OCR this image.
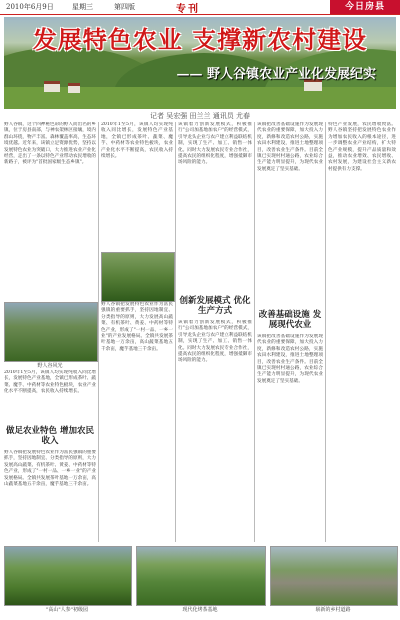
2010年6月9日	星期三	第四版	专刊	今日房县
发展特色农业 支撑新农村建设
—— 野人谷镇农业产业化发展纪实
记者 吴宏强 田兰兰 通讯员 尤春
野人谷镇，这个四神秘色彩的野人而出名的乡镇，位于房县南部，与神农架林区接壤，境内群山环绕，物产丰富。森林覆盖率高，生态环境优越。近年来，该镇立足资源优势，坚持以发展特色农业为突破口，大力推进农业产业化经营，走出了一条以特色产业带动农民增收的新路子，被评为"首批国家级生态乡镇"。
野人谷风光
2010年1至5月，该镇人均实现纯收入同比增长，发展特色产业基地，全镇已形成茶叶、蔬菜、魔芋、中药材等农业特色板块，农业产业化水平不断提高，农民收入持续增长。
做足农业特色 增加农民收入
野人谷镇把发展特色农业作为富民强镇的重要抓手，坚持因地制宜、分类指导的原则，大力发展高山蔬菜、有机茶叶、黄姜、中药材等特色产业，形成了"一村一品、一乡一业"的产业发展格局。全镇共发展茶叶基地一万余亩，高山蔬菜基地五千余亩，魔芋基地三千余亩。
2010年1至5月，该镇人均实现纯收入同比增长，发展特色产业基地，全镇已形成茶叶、蔬菜、魔芋、中药材等农业特色板块，农业产业化水平不断提高，农民收入持续增长。
野人谷镇把发展特色农业作为富民强镇的重要抓手，坚持因地制宜、分类指导的原则，大力发展高山蔬菜、有机茶叶、黄姜、中药材等特色产业，形成了"一村一品、一乡一业"的产业发展格局。全镇共发展茶叶基地一万余亩，高山蔬菜基地五千余亩，魔芋基地三千余亩。
该镇着力创新发展模式，积极推行"公司加基地加农户"的经营模式，引导龙头企业与农户建立利益联结机制，实现了生产、加工、销售一体化。同时大力发展农民专业合作社，提高农民的组织化程度，增强抵御市场风险的能力。
创新发展模式 优化生产方式
该镇着力创新发展模式，积极推行"公司加基地加农户"的经营模式，引导龙头企业与农户建立利益联结机制，实现了生产、加工、销售一体化。同时大力发展农民专业合作社，提高农民的组织化程度，增强抵御市场风险的能力。
该镇把改善基础设施作为发展现代农业的重要保障，加大投入力度，新修和改造农村公路，实施农田水利建设，推进土地整理项目，改善农业生产条件。目前全镇已实现村村通公路，农业综合生产能力明显提升，为现代农业发展奠定了坚实基础。
改善基础设施 发展现代农业
该镇把改善基础设施作为发展现代农业的重要保障，加大投入力度，新修和改造农村公路，实施农田水利建设，推进土地整理项目，改善农业生产条件。目前全镇已实现村村通公路，农业综合生产能力明显提升，为现代农业发展奠定了坚实基础。
特色产业发展，农民增收致富。野人谷镇坚持把发展特色农业作为增加农民收入的根本途径，进一步调整农业产业结构，扩大特色产业规模，提升产品质量和效益，推动农业增效、农民增收、农村发展，为建设社会主义新农村提供有力支撑。
"高山"人参"初级园	现代化烤茶基地	崭新的乡村道路
